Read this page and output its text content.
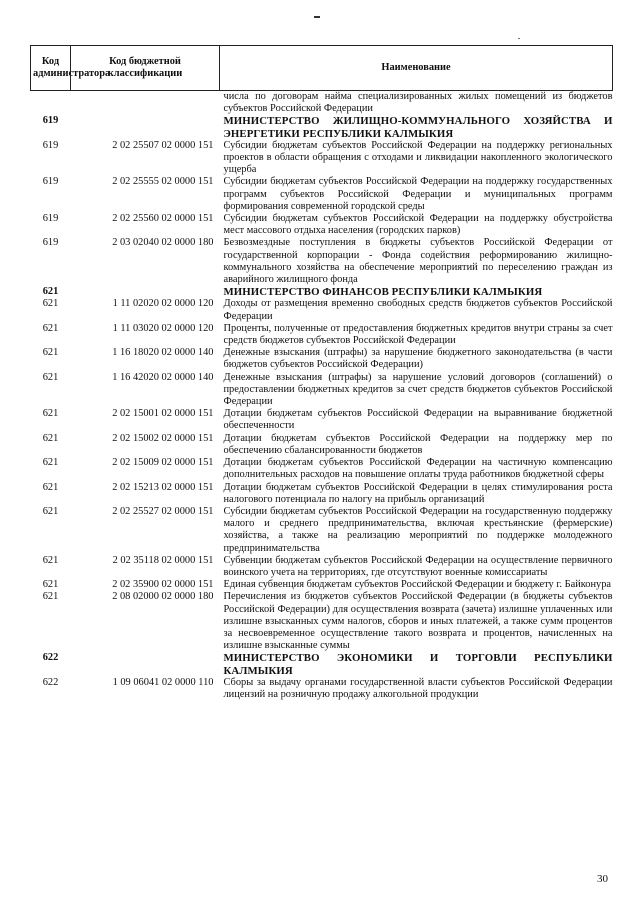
Код администратора	Код бюджетной классификации	Наименование
		числа по договорам найма специализированных жилых помещений из бюджетов субъектов Российской Федерации
619		МИНИСТЕРСТВО ЖИЛИЩНО-КОММУНАЛЬНОГО ХОЗЯЙСТВА И ЭНЕРГЕТИКИ РЕСПУБЛИКИ КАЛМЫКИЯ
619	2 02 25507 02 0000 151	Субсидии бюджетам субъектов Российской Федерации на поддержку региональных проектов в области обращения с отходами и ликвидации накопленного экологического ущерба
619	2 02 25555 02 0000 151	Субсидии бюджетам субъектов Российской Федерации на поддержку государственных программ субъектов Российской Федерации и муниципальных программ формирования современной городской среды
619	2 02 25560 02 0000 151	Субсидии бюджетам субъектов Российской Федерации на поддержку обустройства мест массового отдыха населения (городских парков)
619	2 03 02040 02 0000 180	Безвозмездные поступления в бюджеты субъектов Российской Федерации от государственной корпорации - Фонда содействия реформированию жилищно-коммунального хозяйства на обеспечение мероприятий по переселению граждан из аварийного жилищного фонда
621		МИНИСТЕРСТВО ФИНАНСОВ РЕСПУБЛИКИ КАЛМЫКИЯ
621	1 11 02020 02 0000 120	Доходы от размещения временно свободных средств бюджетов субъектов Российской Федерации
621	1 11 03020 02 0000 120	Проценты, полученные от предоставления бюджетных кредитов внутри страны за счет средств бюджетов субъектов Российской Федерации
621	1 16 18020 02 0000 140	Денежные взыскания (штрафы) за нарушение бюджетного законодательства (в части бюджетов субъектов Российской Федерации)
621	1 16 42020 02 0000 140	Денежные взыскания (штрафы) за нарушение условий договоров (соглашений) о предоставлении бюджетных кредитов за счет средств бюджетов субъектов Российской Федерации
621	2 02 15001 02 0000 151	Дотации бюджетам субъектов Российской Федерации на выравнивание бюджетной обеспеченности
621	2 02 15002 02 0000 151	Дотации бюджетам субъектов Российской Федерации на поддержку мер по обеспечению сбалансированности бюджетов
621	2 02 15009 02 0000 151	Дотации бюджетам субъектов Российской Федерации на частичную компенсацию дополнительных расходов на повышение оплаты труда работников бюджетной сферы
621	2 02 15213 02 0000 151	Дотации бюджетам субъектов Российской Федерации в целях стимулирования роста налогового потенциала по налогу на прибыль организаций
621	2 02 25527 02 0000 151	Субсидии бюджетам субъектов Российской Федерации на государственную поддержку малого и среднего предпринимательства, включая крестьянские (фермерские) хозяйства, а также на реализацию мероприятий по поддержке молодежного предпринимательства
621	2 02 35118 02 0000 151	Субвенции бюджетам субъектов Российской Федерации на осуществление первичного воинского учета на территориях, где отсутствуют военные комиссариаты
621	2 02 35900 02 0000 151	Единая субвенция бюджетам субъектов Российской Федерации и бюджету г. Байконура
621	2 08 02000 02 0000 180	Перечисления из бюджетов субъектов Российской Федерации (в бюджеты субъектов Российской Федерации) для осуществления возврата (зачета) излишне уплаченных или излишне взысканных сумм налогов, сборов и иных платежей, а также сумм процентов за несвоевременное осуществление такого возврата и процентов, начисленных на излишне взысканные суммы
622		МИНИСТЕРСТВО ЭКОНОМИКИ И ТОРГОВЛИ РЕСПУБЛИКИ КАЛМЫКИЯ
622	1 09 06041 02 0000 110	Сборы за выдачу органами государственной власти субъектов Российской Федерации лицензий на розничную продажу алкогольной продукции
30
